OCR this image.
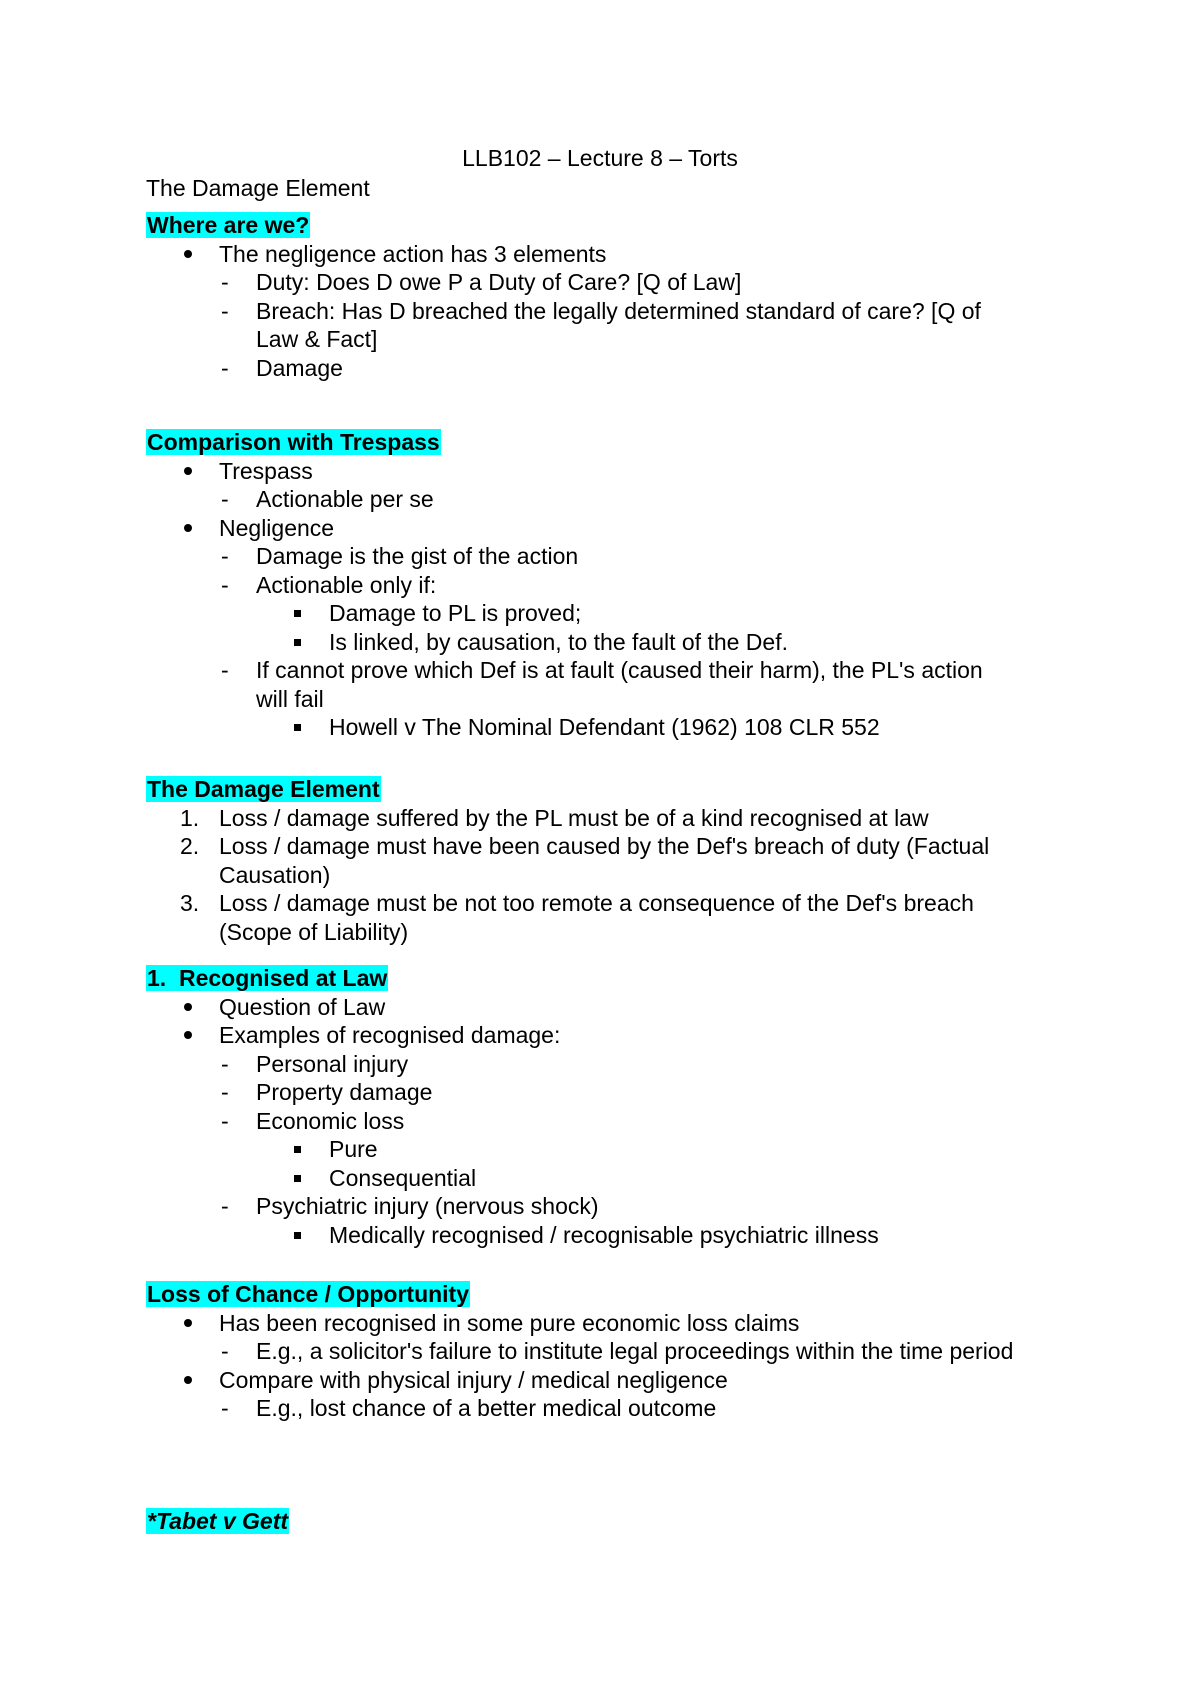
LLB102 – Lecture 8 – Torts
The Damage Element
Where are we?
The negligence action has 3 elements
- Duty: Does D owe P a Duty of Care? [Q of Law]
- Breach: Has D breached the legally determined standard of care? [Q of
Law & Fact]
- Damage
Comparison with Trespass
Trespass
- Actionable per se
Negligence
- Damage is the gist of the action
- Actionable only if:
Damage to PL is proved;
Is linked, by causation, to the fault of the Def.
- If cannot prove which Def is at fault (caused their harm), the PL's action
will fail
Howell v The Nominal Defendant (1962) 108 CLR 552
The Damage Element
1. Loss / damage suffered by the PL must be of a kind recognised at law
2. Loss / damage must have been caused by the Def's breach of duty (Factual
Causation)
3. Loss / damage must be not too remote a consequence of the Def's breach
(Scope of Liability)
1.  Recognised at Law
Question of Law
Examples of recognised damage:
- Personal injury
- Property damage
- Economic loss
Pure
Consequential
- Psychiatric injury (nervous shock)
Medically recognised / recognisable psychiatric illness
Loss of Chance / Opportunity
Has been recognised in some pure economic loss claims
- E.g., a solicitor's failure to institute legal proceedings within the time period
Compare with physical injury / medical negligence
- E.g., lost chance of a better medical outcome
*Tabet v Gett
